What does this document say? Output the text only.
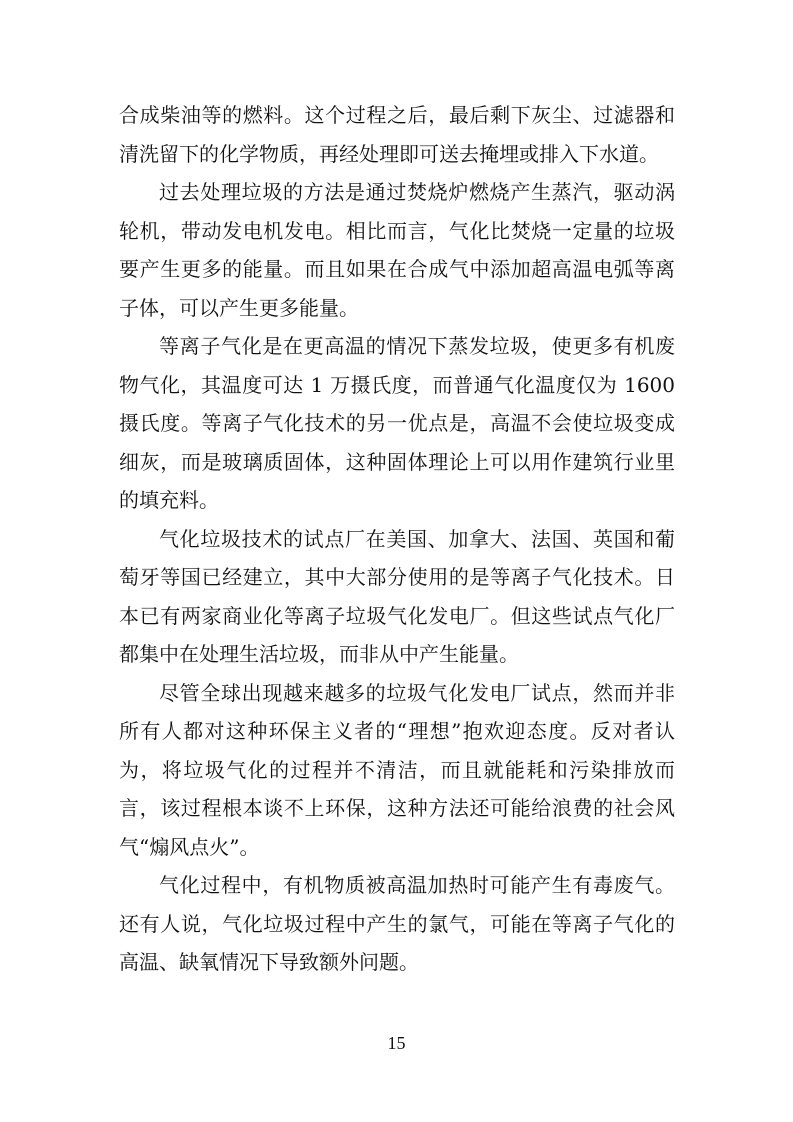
合成柴油等的燃料。这个过程之后，最后剩下灰尘、过滤器和清洗留下的化学物质，再经处理即可送去掩埋或排入下水道。

过去处理垃圾的方法是通过焚烧炉燃烧产生蒸汽，驱动涡轮机，带动发电机发电。相比而言，气化比焚烧一定量的垃圾要产生更多的能量。而且如果在合成气中添加超高温电弧等离子体，可以产生更多能量。

等离子气化是在更高温的情况下蒸发垃圾，使更多有机废物气化，其温度可达 1 万摄氏度，而普通气化温度仅为 1600 摄氏度。等离子气化技术的另一优点是，高温不会使垃圾变成细灰，而是玻璃质固体，这种固体理论上可以用作建筑行业里的填充料。

气化垃圾技术的试点厂在美国、加拿大、法国、英国和葡萄牙等国已经建立，其中大部分使用的是等离子气化技术。日本已有两家商业化等离子垃圾气化发电厂。但这些试点气化厂都集中在处理生活垃圾，而非从中产生能量。

尽管全球出现越来越多的垃圾气化发电厂试点，然而并非所有人都对这种环保主义者的“理想”抱欢迎态度。反对者认为，将垃圾气化的过程并不清洁，而且就能耗和污染排放而言，该过程根本谈不上环保，这种方法还可能给浪费的社会风气“煽风点火”。

气化过程中，有机物质被高温加热时可能产生有毒废气。还有人说，气化垃圾过程中产生的氯气，可能在等离子气化的高温、缺氧情况下导致额外问题。

15
